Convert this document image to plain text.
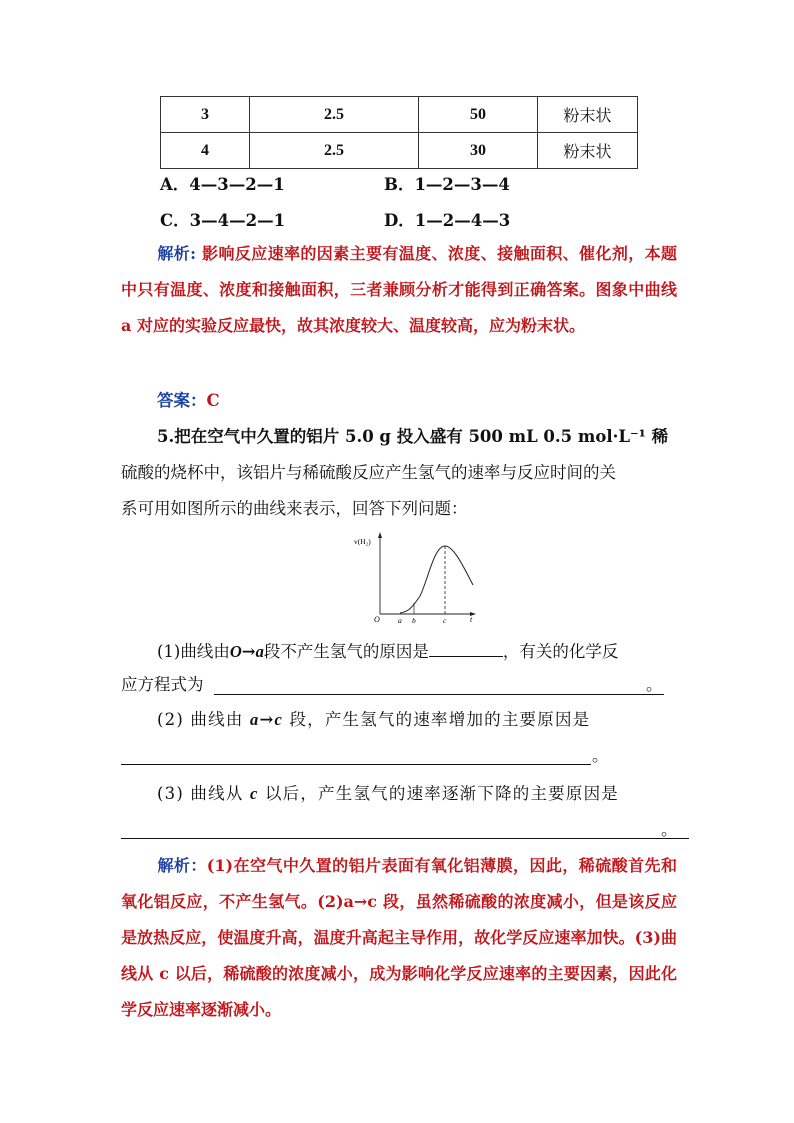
3	2.5	50	粉末状
4	2.5	30	粉末状
A．4—3—2—1	B．1—2—3—4
C．3—4—2—1	D．1—2—4—3
解析: 影响反应速率的因素主要有温度、浓度、接触面积、催化剂，本题中只有温度、浓度和接触面积，三者兼顾分析才能得到正确答案。图象中曲线 a 对应的实验反应最快，故其浓度较大、温度较高，应为粉末状。
答案：C
5.把在空气中久置的铝片 5.0 g 投入盛有 500 mL 0.5 mol·L⁻¹ 稀
硫酸的烧杯中，该铝片与稀硫酸反应产生氢气的速率与反应时间的关
系可用如图所示的曲线来表示，回答下列问题：
v(H₂)
O	t
a b	c
(1)曲线由O→a段不产生氢气的原因是	，有关的化学反
应方程式为	。
(2) 曲线由 a→c 段，产生氢气的速率增加的主要原因是
。
(3) 曲线从 c 以后，产生氢气的速率逐渐下降的主要原因是
。
解析：(1)在空气中久置的铝片表面有氧化铝薄膜，因此，稀硫酸首先和氧化铝反应，不产生氢气。(2)a→c 段，虽然稀硫酸的浓度减小，但是该反应是放热反应，使温度升高，温度升高起主导作用，故化学反应速率加快。(3)曲线从 c 以后，稀硫酸的浓度减小，成为影响化学反应速率的主要因素，因此化学反应速率逐渐减小。
